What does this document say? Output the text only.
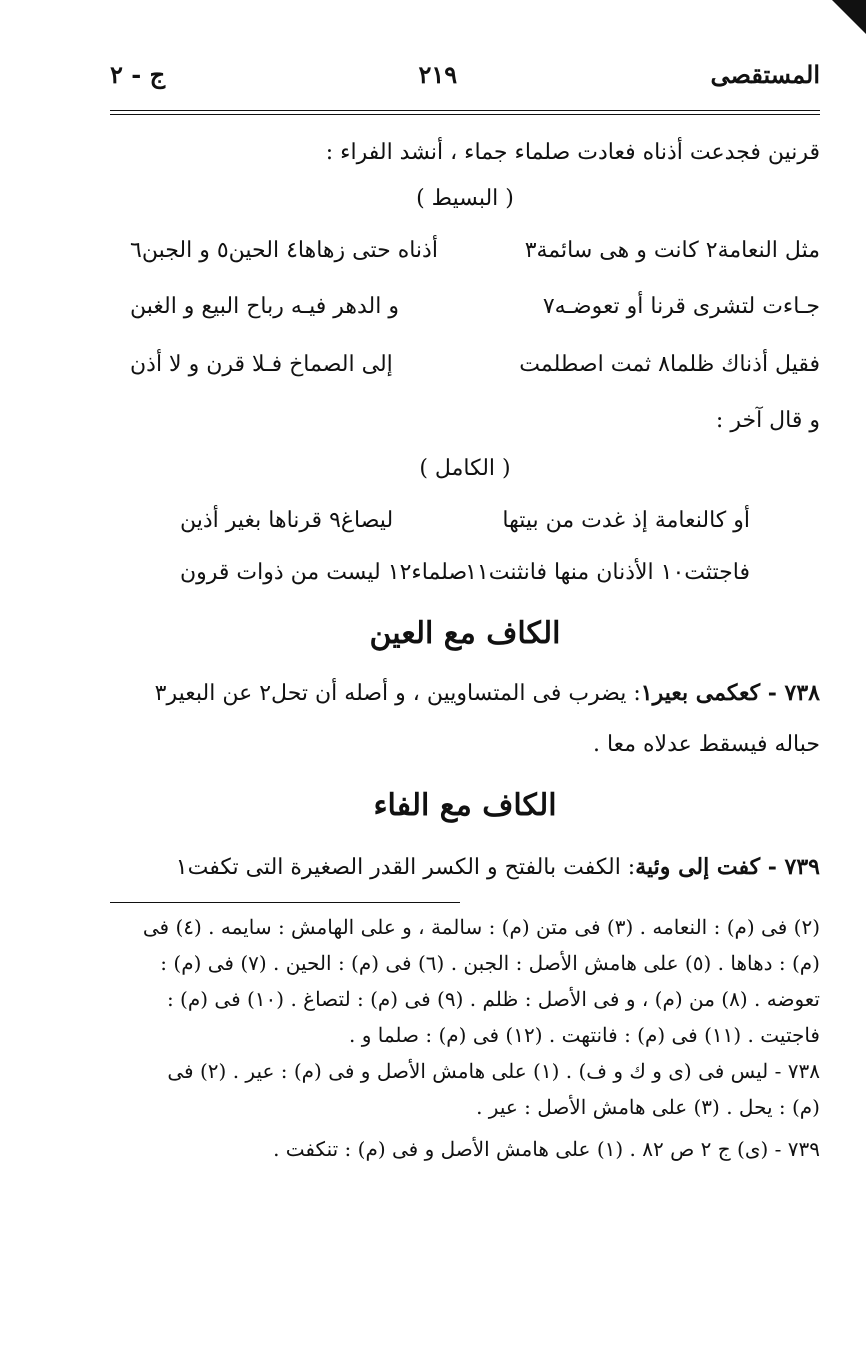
المستقصى
٢١٩
ج - ٢
قرنين فجدعت أذناه فعادت صلماء جماء ، أنشد الفراء :
( البسيط )
مثل النعامة٢ كانت و هى سائمة٣
أذناه حتى زهاها٤ الحين٥ و الجبن٦
جـاءت لتشرى قرنا أو تعوضـه٧
و الدهر فيـه رباح البيع و الغبن
فقيل أذناك ظلما٨ ثمت اصطلمت
إلى الصماخ فـلا قرن و لا أذن
و قال آخر :
( الكامل )
أو كالنعامة إذ غدت من بيتها
ليصاغ٩ قرناها بغير أذين
فاجتثت١٠ الأذنان منها فانثنت١١
صلماء١٢ ليست من ذوات قرون
الكاف مع العين
٧٣٨ - كعكمى بعير١: يضرب فى المتساويين ، و أصله أن تحل٢ عن البعير٣
حباله فيسقط عدلاه معا .
الكاف مع الفاء
٧٣٩ - كفت إلى وئية: الكفت بالفتح و الكسر القدر الصغيرة التى تكفت١
(٢) فى (م) : النعامه . (٣) فى متن (م) : سالمة ، و على الهامش : سايمه . (٤) فى
(م) : دهاها . (٥) على هامش الأصل : الجبن . (٦) فى (م) : الحين . (٧) فى (م) :
تعوضه . (٨) من (م) ، و فى الأصل : ظلم . (٩) فى (م) : لتصاغ . (١٠) فى (م) :
فاجتيت . (١١) فى (م) : فانتهت . (١٢) فى (م) : صلما و .
٧٣٨ - ليس فى (ى و ك و ف) . (١) على هامش الأصل و فى (م) : عير . (٢) فى
(م) : يحل . (٣) على هامش الأصل : عير .
٧٣٩ - (ى) ج ٢ ص ٨٢ . (١) على هامش الأصل و فى (م) : تنكفت .
